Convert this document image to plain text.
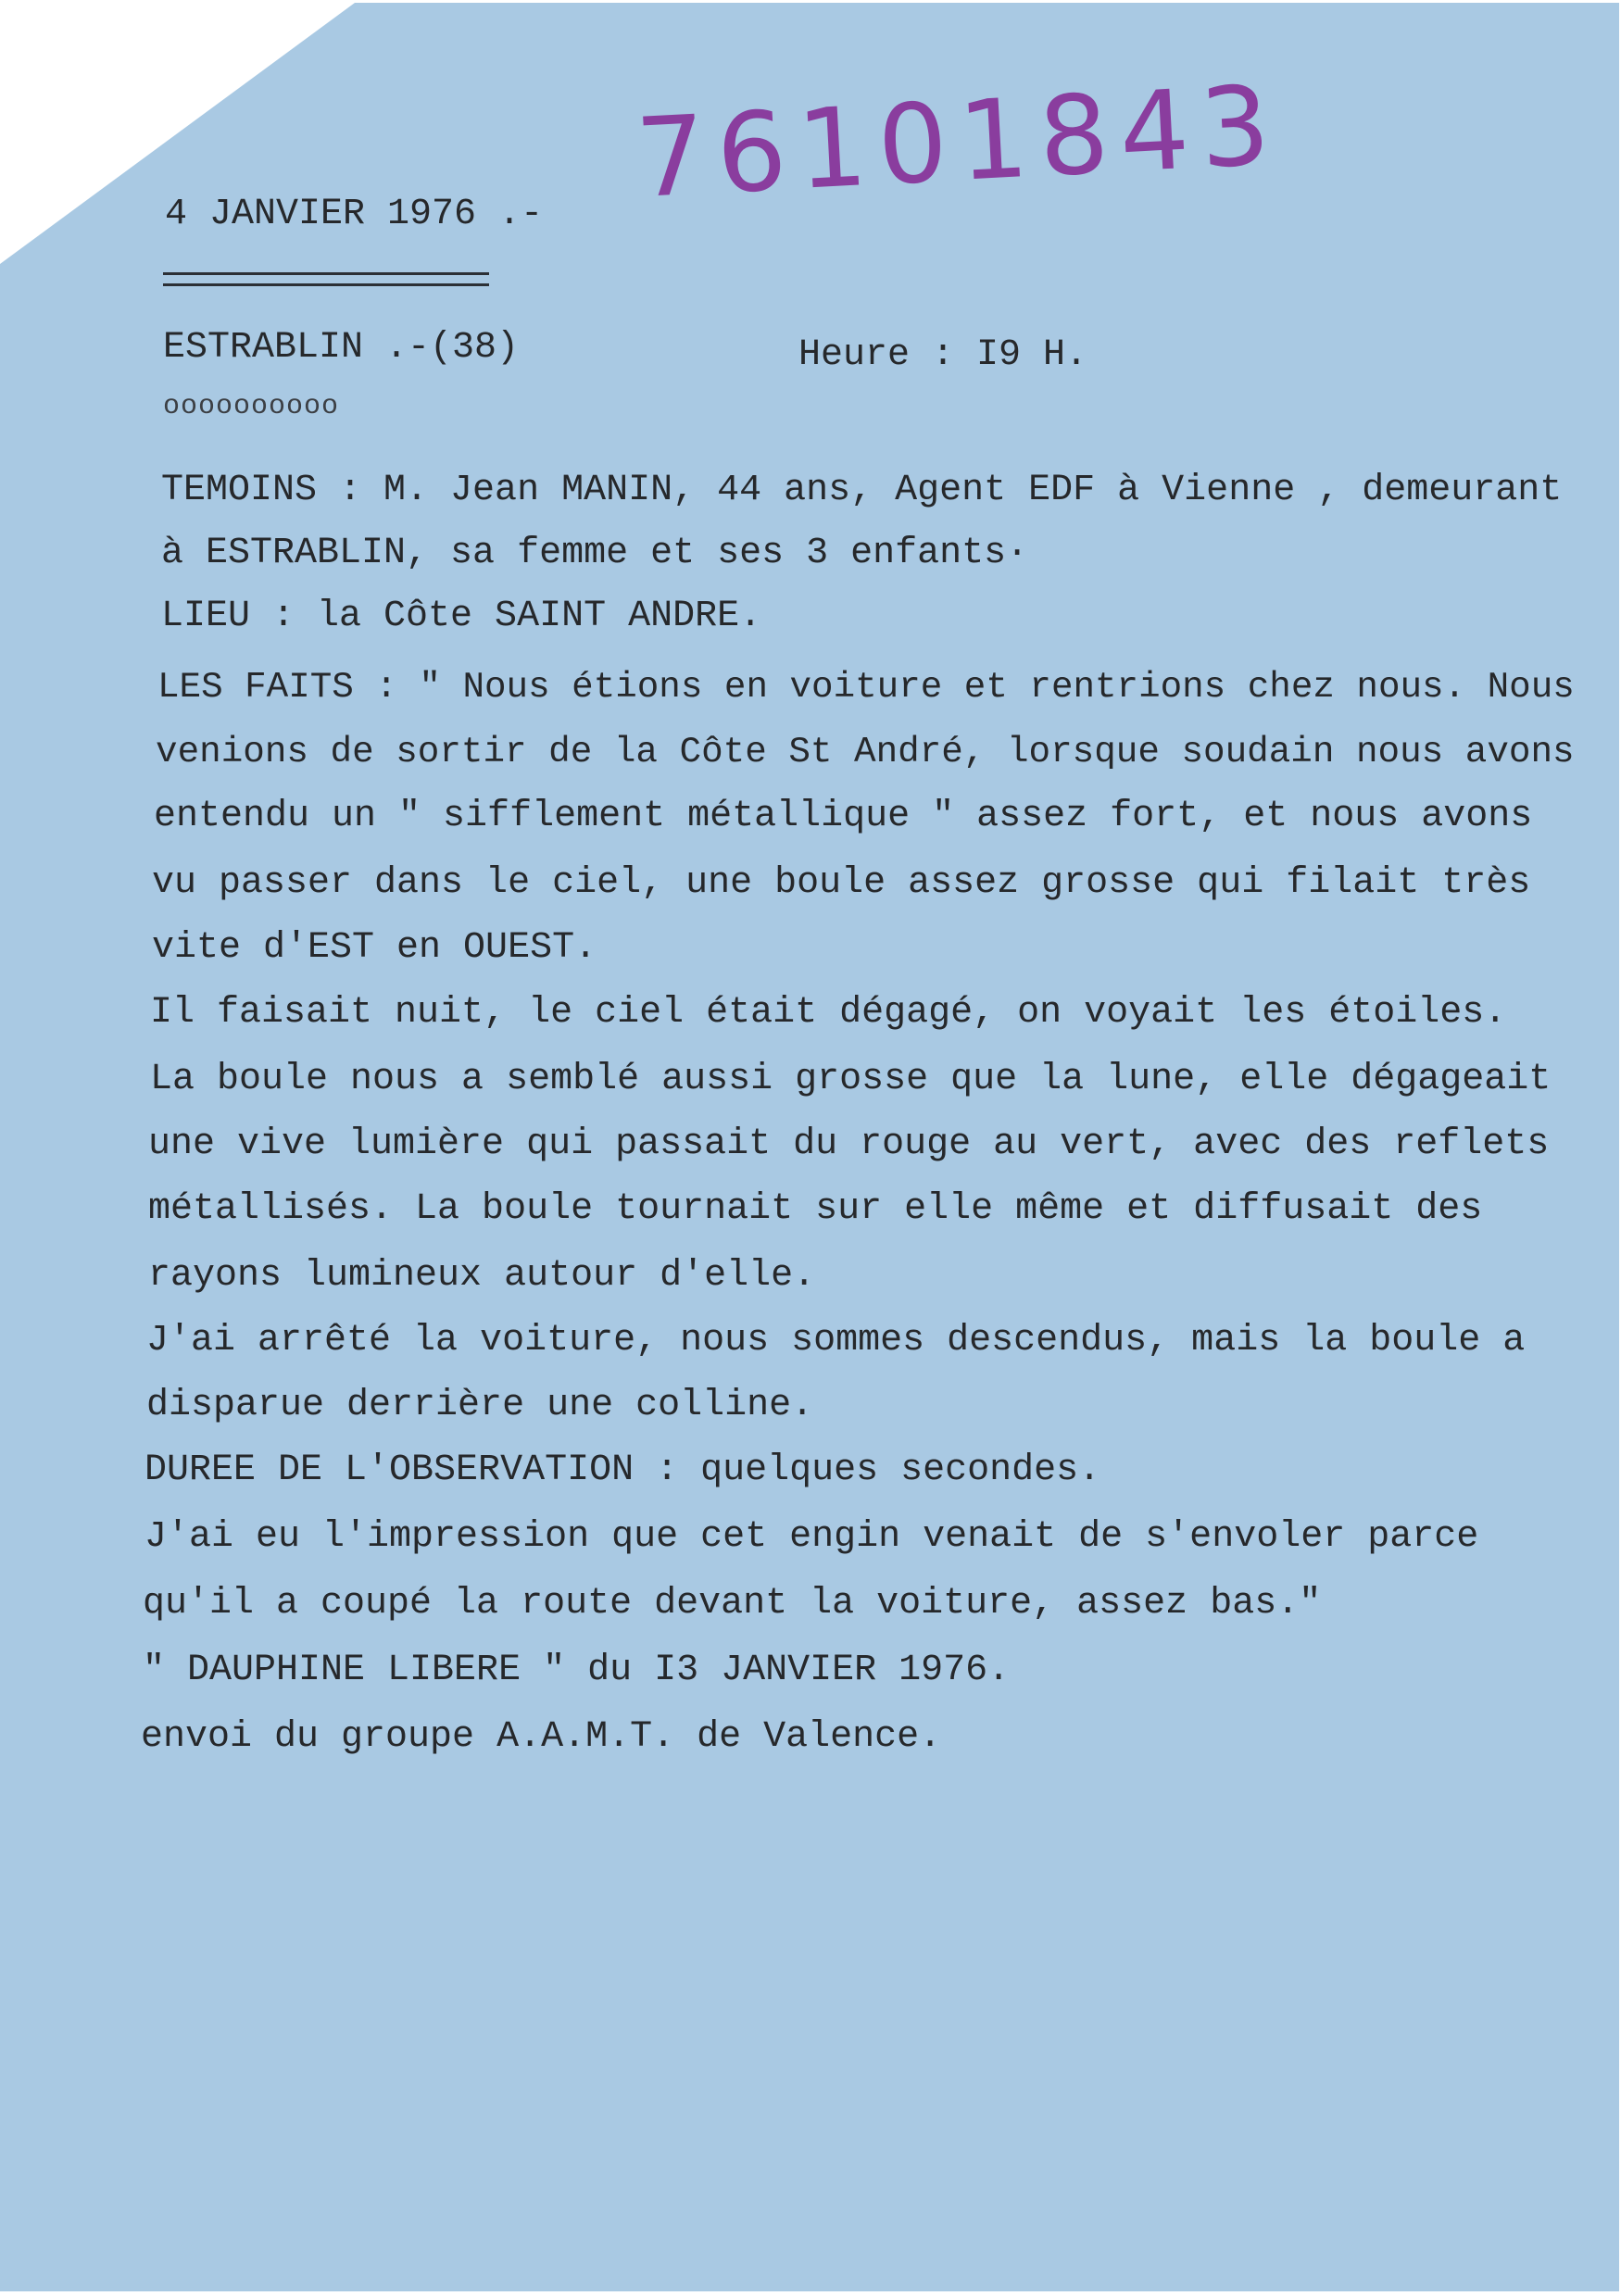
4 JANVIER 1976 .- 76101843
ESTRABLIN .-(38)	Heure : I9 H.
oooooooooo
TEMOINS : M. Jean MANIN, 44 ans, Agent EDF à Vienne , demeurant
à ESTRABLIN, sa femme et ses 3 enfants·
LIEU : la Côte SAINT ANDRE.
LES FAITS : " Nous étions en voiture et rentrions chez nous. Nous
venions de sortir de la Côte St André, lorsque soudain nous avons
entendu un " sifflement métallique " assez fort, et nous avons
vu passer dans le ciel, une boule assez grosse qui filait très
vite d'EST en OUEST.
Il faisait nuit, le ciel était dégagé, on voyait les étoiles.
La boule nous a semblé aussi grosse que la lune, elle dégageait
une vive lumière qui passait du rouge au vert, avec des reflets
métallisés. La boule tournait sur elle même et diffusait des
rayons lumineux autour d'elle.
J'ai arrêté la voiture, nous sommes descendus, mais la boule a
disparue derrière une colline.
DUREE DE L'OBSERVATION : quelques secondes.
J'ai eu l'impression que cet engin venait de s'envoler parce
qu'il a coupé la route devant la voiture, assez bas."
" DAUPHINE LIBERE " du I3 JANVIER 1976.
envoi du groupe A.A.M.T. de Valence.
